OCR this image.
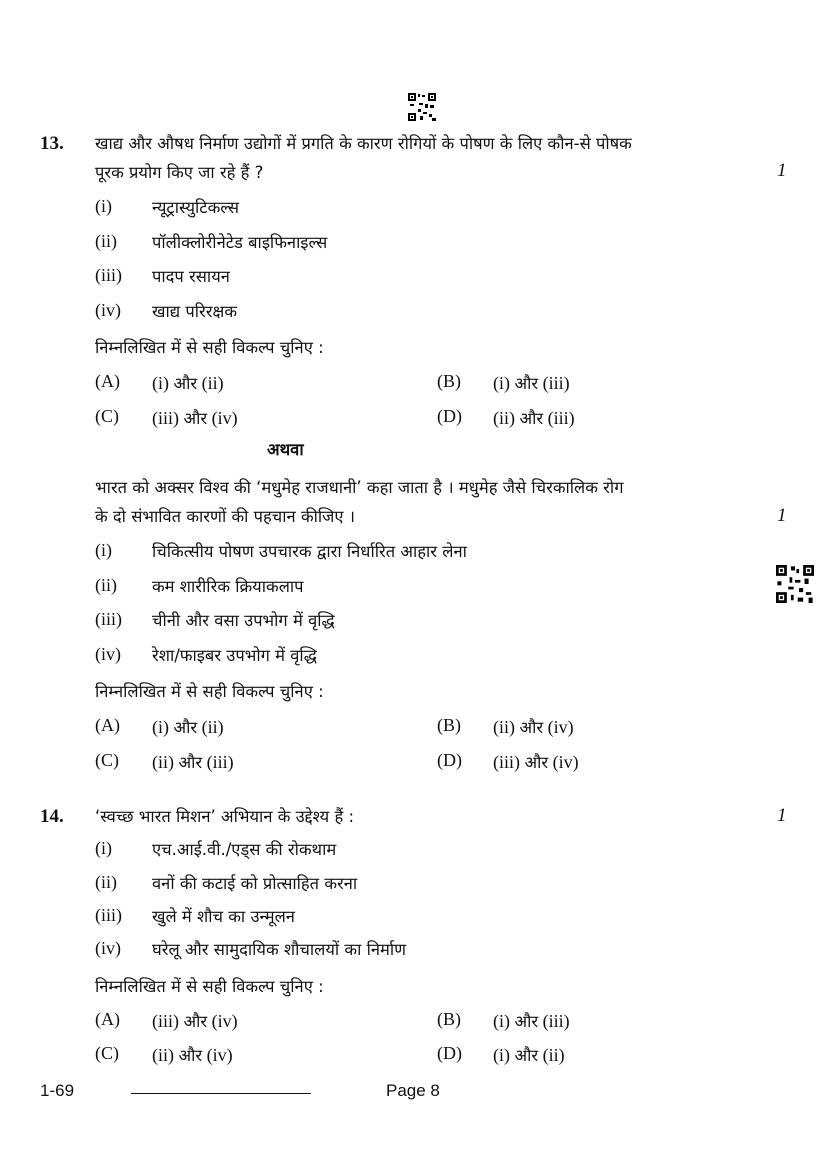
13. खाद्य और औषध निर्माण उद्योगों में प्रगति के कारण रोगियों के पोषण के लिए कौन-से पोषक
पूरक प्रयोग किए जा रहे हैं ?	1
(i) न्यूट्रास्युटिकल्स
(ii) पॉलीक्लोरीनेटेड बाइफिनाइल्स
(iii) पादप रसायन
(iv) खाद्य परिरक्षक
निम्नलिखित में से सही विकल्प चुनिए :
(A) (i) और (ii)	(B) (i) और (iii)
(C) (iii) और (iv)	(D) (ii) और (iii)
अथवा
भारत को अक्सर विश्व की ‘मधुमेह राजधानी’ कहा जाता है । मधुमेह जैसे चिरकालिक रोग
के दो संभावित कारणों की पहचान कीजिए ।	1
(i) चिकित्सीय पोषण उपचारक द्वारा निर्धारित आहार लेना
(ii) कम शारीरिक क्रियाकलाप
(iii) चीनी और वसा उपभोग में वृद्धि
(iv) रेशा/फाइबर उपभोग में वृद्धि
निम्नलिखित में से सही विकल्प चुनिए :
(A) (i) और (ii)	(B) (ii) और (iv)
(C) (ii) और (iii)	(D) (iii) और (iv)
14. ‘स्वच्छ भारत मिशन’ अभियान के उद्देश्य हैं :	1
(i) एच.आई.वी./एड्स की रोकथाम
(ii) वनों की कटाई को प्रोत्साहित करना
(iii) खुले में शौच का उन्मूलन
(iv) घरेलू और सामुदायिक शौचालयों का निर्माण
निम्नलिखित में से सही विकल्प चुनिए :
(A) (iii) और (iv)	(B) (i) और (iii)
(C) (ii) और (iv)	(D) (i) और (ii)
1-69	Page 8
